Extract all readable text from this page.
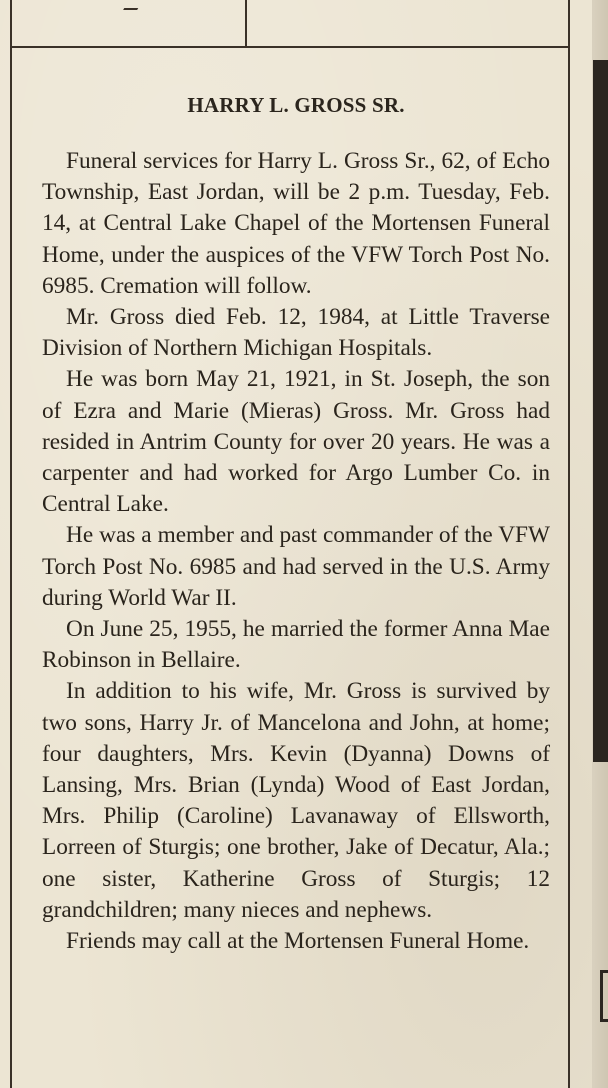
HARRY L. GROSS SR.

Funeral services for Harry L. Gross Sr., 62, of Echo Township, East Jordan, will be 2 p.m. Tuesday, Feb. 14, at Central Lake Chapel of the Mortensen Funeral Home, under the auspices of the VFW Torch Post No. 6985. Cremation will follow.

Mr. Gross died Feb. 12, 1984, at Little Traverse Division of Northern Michigan Hospitals.

He was born May 21, 1921, in St. Joseph, the son of Ezra and Marie (Mieras) Gross. Mr. Gross had resided in Antrim County for over 20 years. He was a carpenter and had worked for Argo Lumber Co. in Central Lake.

He was a member and past commander of the VFW Torch Post No. 6985 and had served in the U.S. Army during World War II.

On June 25, 1955, he married the former Anna Mae Robinson in Bellaire.

In addition to his wife, Mr. Gross is survived by two sons, Harry Jr. of Mancelona and John, at home; four daughters, Mrs. Kevin (Dyanna) Downs of Lansing, Mrs. Brian (Lynda) Wood of East Jordan, Mrs. Philip (Caroline) Lavanaway of Ellsworth, Lorreen of Sturgis; one brother, Jake of Decatur, Ala.; one sister, Katherine Gross of Sturgis; 12 grandchildren; many nieces and nephews.

Friends may call at the Mortensen Funeral Home.
